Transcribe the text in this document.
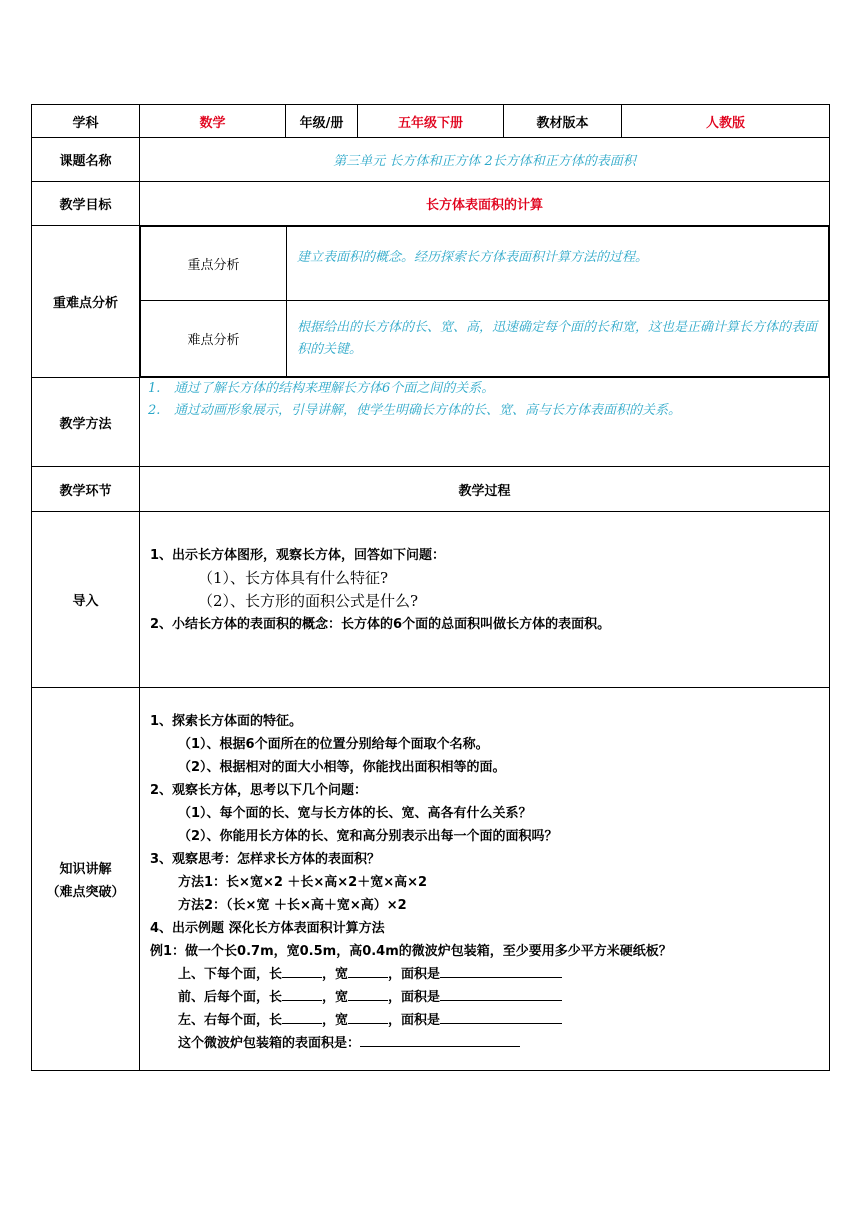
学科	数学	年级/册	五年级下册	教材版本	人教版
课题名称	第三单元 长方体和正方体 2长方体和正方体的表面积
教学目标	长方体表面积的计算
重难点分析	
重点分析	建立表面积的概念。经历探索长方体表面积计算方法的过程。
难点分析	根据给出的长方体的长、宽、高，迅速确定每个面的长和宽，这也是正确计算长方体的表面积的关键。

教学方法	

1. 通过了解长方体的结构来理解长方体6个面之间的关系。

2. 通过动画形象展示，引导讲解，使学生明确长方体的长、宽、高与长方体表面积的关系。

教学环节	教学过程
导入	

1、出示长方体图形，观察长方体，回答如下问题：

（1）、长方体具有什么特征?

（2）、长方形的面积公式是什么?

2、小结长方体的表面积的概念：长方体的6个面的总面积叫做长方体的表面积。

知识讲解
（难点突破）

1、探索长方体面的特征。

（1）、根据6个面所在的位置分别给每个面取个名称。

（2）、根据相对的面大小相等，你能找出面积相等的面。

2、观察长方体，思考以下几个问题：

（1）、每个面的长、宽与长方体的长、宽、高各有什么关系？

（2）、你能用长方体的长、宽和高分别表示出每一个面的面积吗？

3、观察思考：怎样求长方体的表面积？

方法1：长×宽×2 ＋长×高×2＋宽×高×2

方法2：（长×宽 ＋长×高＋宽×高）×2

4、出示例题 深化长方体表面积计算方法

例1：做一个长0.7m，宽0.5m，高0.4m的微波炉包装箱，至少要用多少平方米硬纸板？

上、下每个面，长	，宽	，面积是

前、后每个面，长	，宽	，面积是

左、右每个面，长	，宽	，面积是

这个微波炉包装箱的表面积是：
